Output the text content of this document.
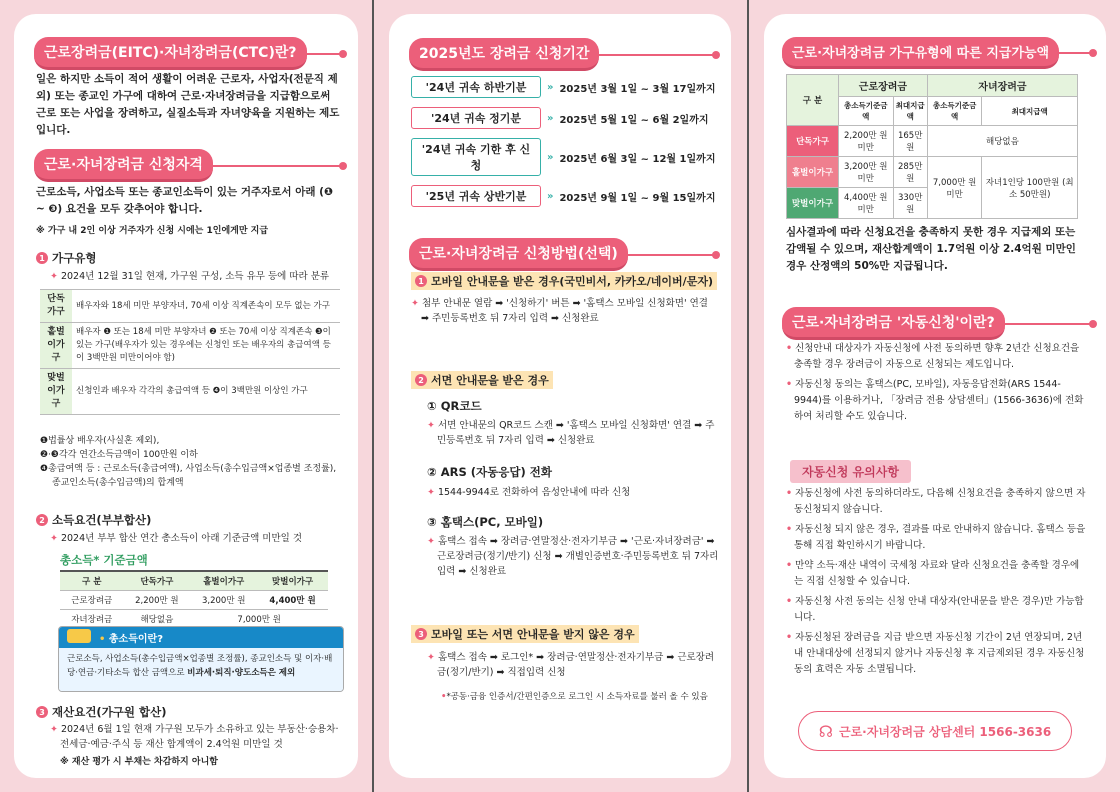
근로장려금(EITC)·자녀장려금(CTC)란?
일은 하지만 소득이 적어 생활이 어려운 근로자, 사업자(전문직 제외) 또는 종교인 가구에 대하여 근로·자녀장려금을 지급함으로써 근로 또는 사업을 장려하고, 실질소득과 자녀양육을 지원하는 제도입니다.
근로·자녀장려금 신청자격
근로소득, 사업소득 또는 종교인소득이 있는 거주자로서 아래 (❶ ~ ❸) 요건을 모두 갖추어야 합니다.
※ 가구 내 2인 이상 거주자가 신청 시에는 1인에게만 지급
1 가구유형
✦ 2024년 12월 31일 현재, 가구원 구성, 소득 유무 등에 따라 분류
단독가구	배우자와 18세 미만 부양자녀, 70세 이상 직계존속이 모두 없는 가구
홑벌이가구	배우자 ❶ 또는 18세 미만 부양자녀 ❷ 또는 70세 이상 직계존속 ❸이 있는 가구(배우자가 있는 경우에는 신청인 또는 배우자의 총급여액 등이 3백만원 미만이어야 함)
맞벌이가구	신청인과 배우자 각각의 총급여액 등 ❹이 3백만원 이상인 가구
❶법률상 배우자(사실혼 제외),
❷·❸각각 연간소득금액이 100만원 이하
❹총급여액 등 : 근로소득(총급여액), 사업소득(총수입금액×업종별 조정률), 종교인소득(총수입금액)의 합계액
2 소득요건(부부합산)
✦ 2024년 부부 합산 연간 총소득이 아래 기준금액 미만일 것
총소득* 기준금액
구 분	단독가구	홑벌이가구	맞벌이가구
근로장려금	2,200만 원	3,200만 원	4,400만 원
자녀장려금	해당없음	7,000만 원	
• 총소득이란?
근로소득, 사업소득(총수입금액×업종별 조정률), 종교인소득 및 이자·배당·연금·기타소득 합산 금액으로 비과세·퇴직·양도소득은 제외
3 재산요건(가구원 합산)
✦ 2024년 6월 1일 현재 가구원 모두가 소유하고 있는 부동산·승용차·전세금·예금·주식 등 재산 합계액이 2.4억원 미만일 것
※ 재산 평가 시 부채는 차감하지 아니함
2025년도 장려금 신청기간
'24년 귀속 하반기분	» 2025년 3월 1일 ~ 3월 17일까지
'24년 귀속 정기분	» 2025년 5월 1일 ~ 6월 2일까지
'24년 귀속 기한 후 신청
» 2025년 6월 3일 ~ 12월 1일까지
'25년 귀속 상반기분	» 2025년 9월 1일 ~ 9월 15일까지
근로·자녀장려금 신청방법(선택)
1 모바일 안내문을 받은 경우(국민비서, 카카오/네이버/문자)
✦ 첨부 안내문 열람 ➡ '신청하기' 버튼 ➡ '홈택스 모바일 신청화면' 연결 ➡ 주민등록번호 뒤 7자리 입력 ➡ 신청완료
2 서면 안내문을 받은 경우
① QR코드
✦ 서면 안내문의 QR코드 스캔 ➡ '홈택스 모바일 신청화면' 연결 ➡ 주민등록번호 뒤 7자리 입력 ➡ 신청완료
② ARS (자동응답) 전화
✦ 1544-9944로 전화하여 음성안내에 따라 신청
③ 홈택스(PC, 모바일)
✦ 홈택스 접속 ➡ 장려금·연말정산·전자기부금 ➡ '근로·자녀장려금' ➡ 근로장려금(정기/반기) 신청 ➡ 개별인증번호·주민등록번호 뒤 7자리 입력 ➡ 신청완료
3 모바일 또는 서면 안내문을 받지 않은 경우
✦ 홈택스 접속 ➡ 로그인* ➡ 장려금·연말정산·전자기부금 ➡ 근로장려금(정기/반기) ➡ 직접입력 신청
•*공동·금융 인증서/간편인증으로 로그인 시 소득자료를 불러 올 수 있음
근로·자녀장려금 가구유형에 따른 지급가능액
구 분	근로장려금		자녀장려금	
	총소득기준금액	최대지급액	총소득기준금액	최대지급액
단독가구	2,200만 원 미만	165만 원	해당없음	
홑벌이가구	3,200만 원 미만	285만 원	7,000만 원 미만	자녀1인당 100만원 (최소 50만원)
맞벌이가구	4,400만 원 미만	330만 원		
심사결과에 따라 신청요건을 충족하지 못한 경우 지급제외 또는 감액될 수 있으며, 재산합계액이 1.7억원 이상 2.4억원 미만인 경우 산정액의 50%만 지급됩니다.
근로·자녀장려금 '자동신청'이란?
• 신청안내 대상자가 자동신청에 사전 동의하면 향후 2년간 신청요건을 충족할 경우 장려금이 자동으로 신청되는 제도입니다.
• 자동신청 동의는 홈택스(PC, 모바일), 자동응답전화(ARS 1544-9944)를 이용하거나, 「장려금 전용 상담센터」(1566-3636)에 전화하여 처리할 수도 있습니다.
자동신청 유의사항
• 자동신청에 사전 동의하더라도, 다음해 신청요건을 충족하지 않으면 자동신청되지 않습니다.
• 자동신청 되지 않은 경우, 결과를 따로 안내하지 않습니다. 홈택스 등을 통해 직접 확인하시기 바랍니다.
• 만약 소득·재산 내역이 국세청 자료와 달라 신청요건을 충족할 경우에는 직접 신청할 수 있습니다.
• 자동신청 사전 동의는 신청 안내 대상자(안내문을 받은 경우)만 가능합니다.
• 자동신청된 장려금을 지급 받으면 자동신청 기간이 2년 연장되며, 2년내 안내대상에 선정되지 않거나 자동신청 후 지급제외된 경우 자동신청 동의 효력은 자동 소멸됩니다.
☊ 근로·자녀장려금 상담센터 1566-3636
